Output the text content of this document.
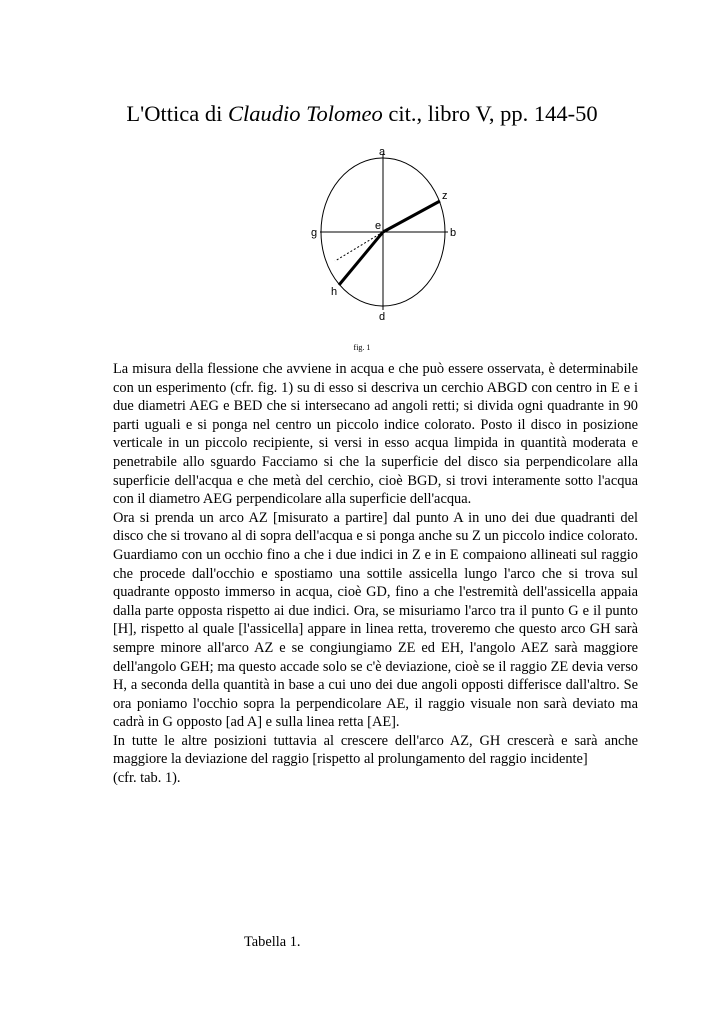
L'Ottica di Claudio Tolomeo cit., libro V, pp. 144-50
a
z
e
g	b
h
d
fig. 1

La misura della flessione che avviene in acqua e che può essere osservata, è determinabile con un esperimento (cfr. fig. 1) su di esso si descriva un cerchio ABGD con centro in E e i due diametri AEG e BED che si intersecano ad angoli retti; si divida ogni quadrante in 90 parti uguali e si ponga nel centro un piccolo indice colorato. Posto il disco in posizione verticale in un piccolo recipiente, si versi in esso acqua limpida in quantità moderata e penetrabile allo sguardo Facciamo si che la superficie del disco sia perpendicolare alla superficie dell'acqua e che metà del cerchio, cioè BGD, si trovi interamente sotto l'acqua con il diametro AEG perpendicolare alla superficie dell'acqua.

Ora si prenda un arco AZ [misurato a partire] dal punto A in uno dei due quadranti del disco che si trovano al di sopra dell'acqua e si ponga anche su Z un piccolo indice colorato. Guardiamo con un occhio fino a che i due indici in Z e in E compaiono allineati sul raggio che procede dall'occhio e spostiamo una sottile assicella lungo l'arco che si trova sul quadrante opposto immerso in acqua, cioè GD, fino a che l'estremità dell'assicella appaia dalla parte opposta rispetto ai due indici. Ora, se misuriamo l'arco tra il punto G e il punto [H], rispetto al quale [l'assicella] appare in linea retta, troveremo che questo arco GH sarà sempre minore all'arco AZ e se congiungiamo ZE ed EH, l'angolo AEZ sarà maggiore dell'angolo GEH; ma questo accade solo se c'è deviazione, cioè se il raggio ZE devia verso H, a seconda della quantità in base a cui uno dei due angoli opposti differisce dall'altro. Se ora poniamo l'occhio sopra la perpendicolare AE, il raggio visuale non sarà deviato ma cadrà in G opposto [ad A] e sulla linea retta [AE].

In tutte le altre posizioni tuttavia al crescere dell'arco AZ, GH crescerà e sarà anche maggiore la deviazione del raggio [rispetto al prolungamento del raggio incidente]

(cfr. tab. 1).

Tabella 1.
